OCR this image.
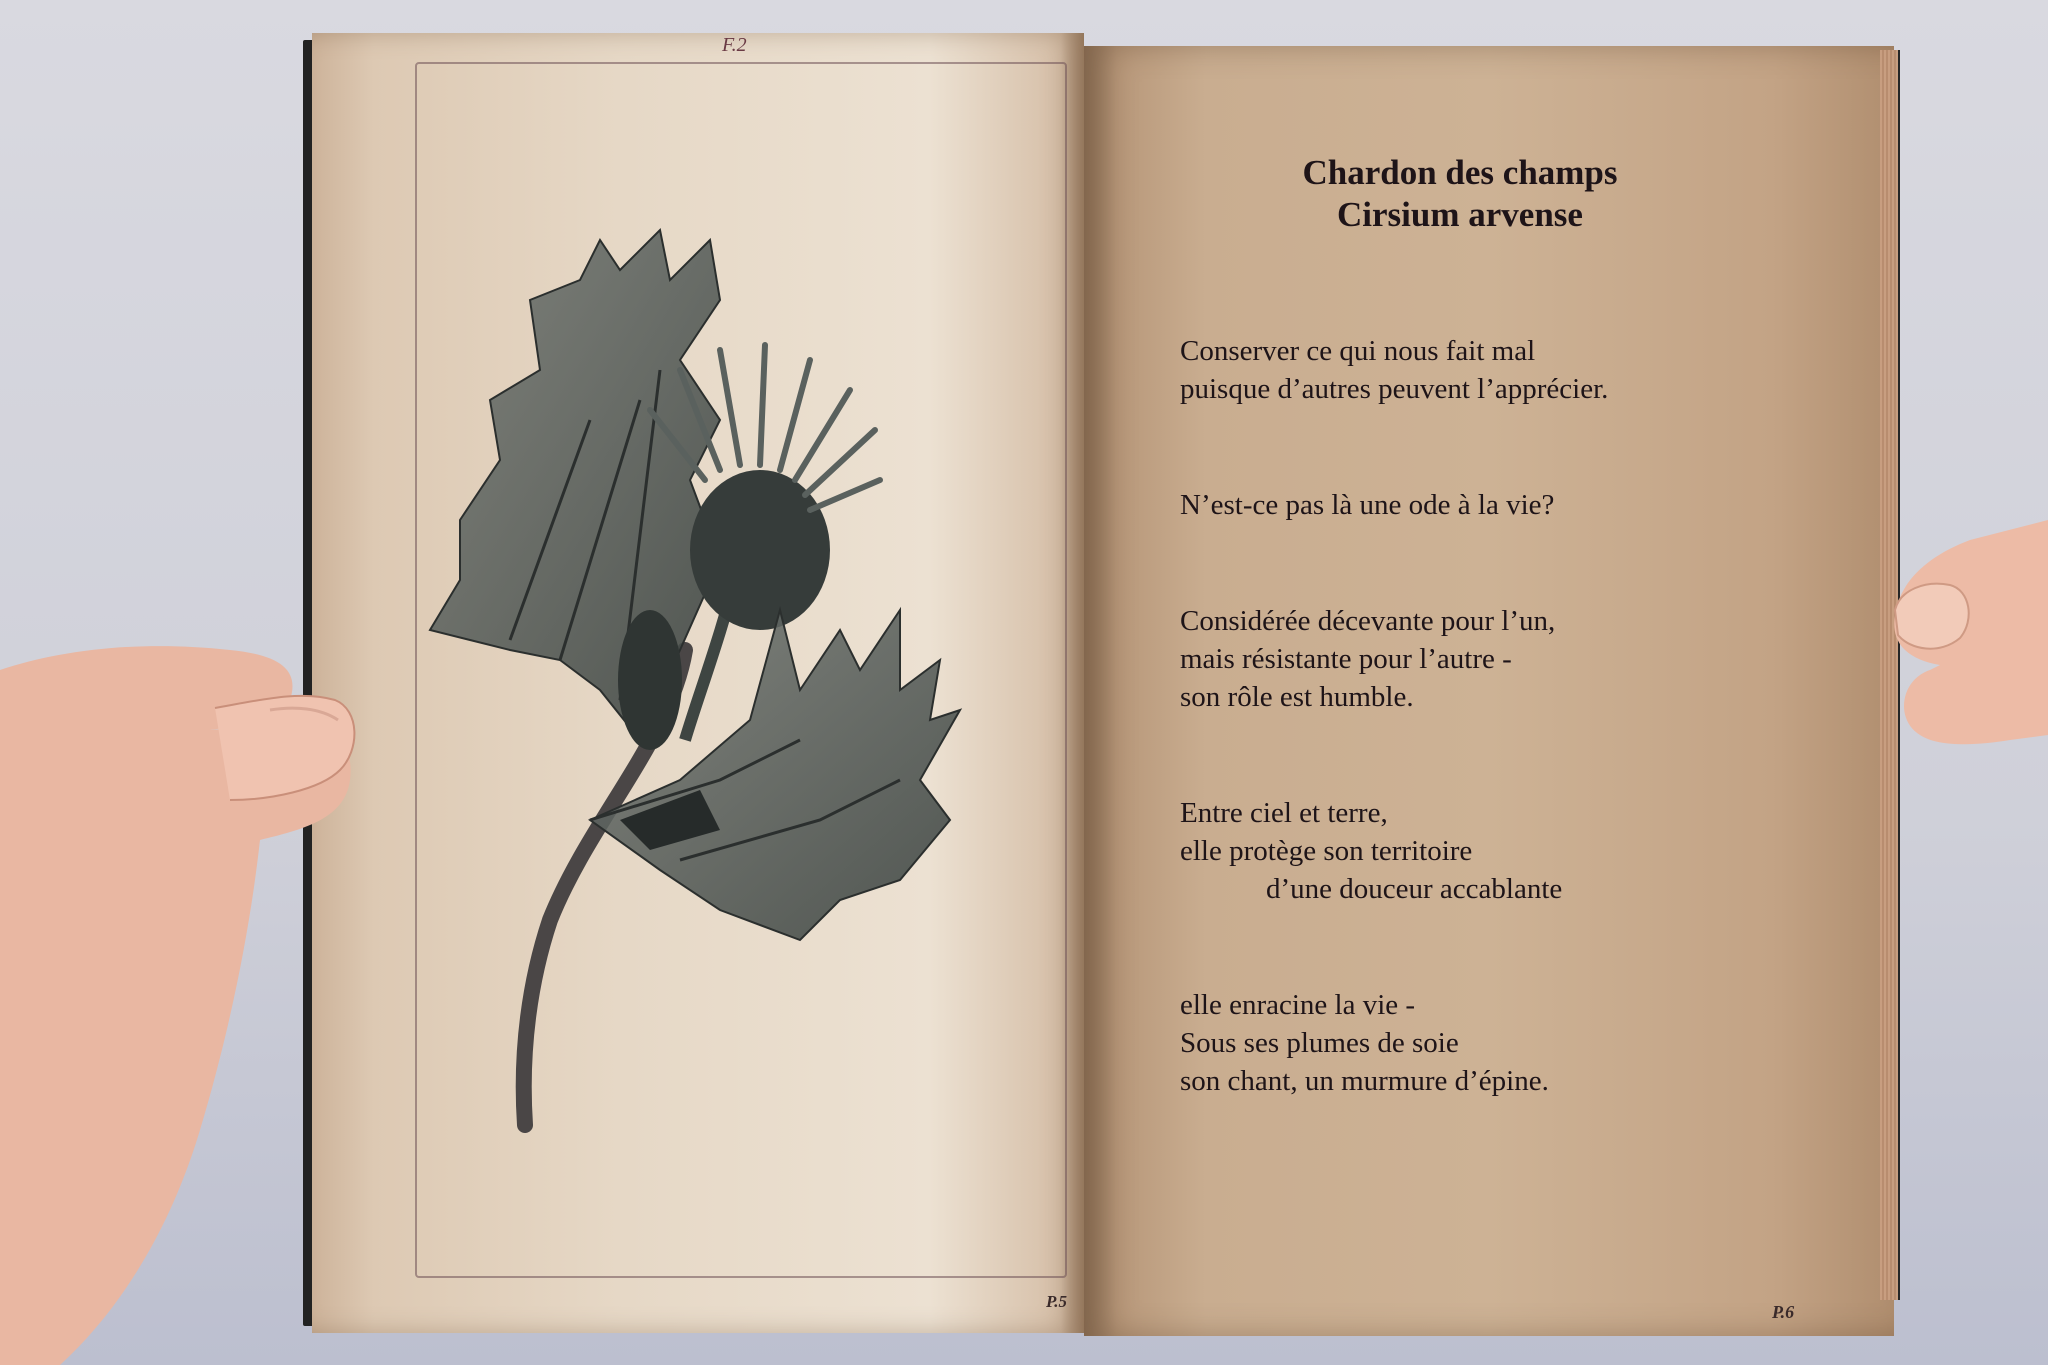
F.2
P.5
Chardon des champs
Cirsium arvense
Conserver ce qui nous fait mal
puisque d’autres peuvent l’apprécier.
N’est-ce pas là une ode à la vie?
Considérée décevante pour l’un,
mais résistante pour l’autre -
son rôle est humble.
Entre ciel et terre,
elle protège son territoire
d’une douceur accablante
elle enracine la vie -
Sous ses plumes de soie
son chant, un murmure d’épine.
P.6
